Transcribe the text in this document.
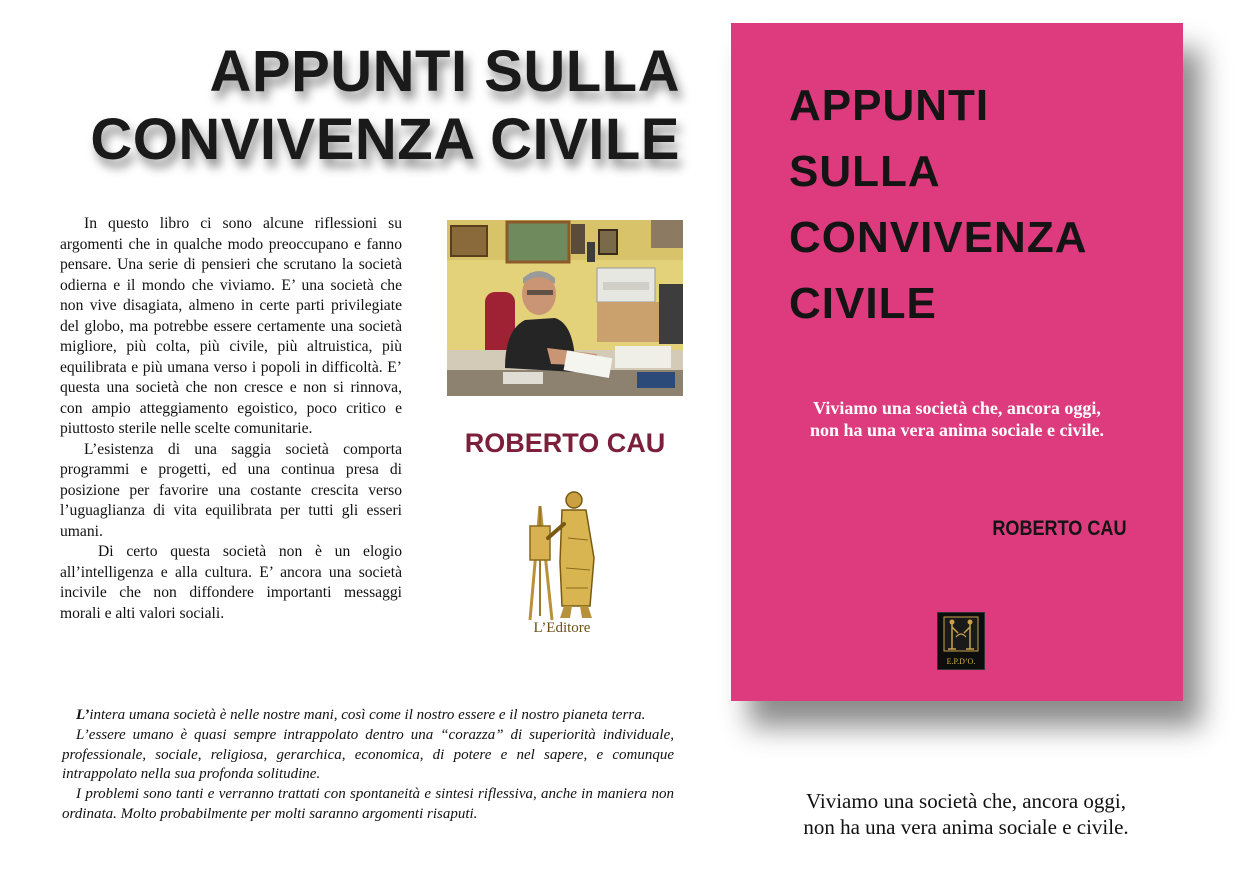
APPUNTI SULLA
CONVIVENZA CIVILE

In questo libro ci sono alcune riflessioni su argomenti che in qualche modo preoccupano e fanno pensare. Una serie di pensieri che scrutano la società odierna e il mondo che viviamo. E’ una società che non vive disagiata, almeno in certe parti privilegiate del globo, ma potrebbe essere certamente una società migliore, più colta, più civile, più altruistica, più equilibrata e più umana verso i popoli in difficoltà. E’ questa una società che non cresce e non si rinnova, con ampio atteggiamento egoistico, poco critico e piuttosto sterile nelle scelte comunitarie.

L’esistenza di una saggia società comporta programmi e progetti, ed una continua presa di posizione per favorire una costante crescita verso l’uguaglianza di vita equilibrata per tutti gli esseri umani.

Di certo questa società non è un elogio all’intelligenza e alla cultura. E’ ancora una società incivile che non diffondere importanti messaggi morali e alti valori sociali.

ROBERTO CAU
L’Editore

L’intera umana società è nelle nostre mani, così come il nostro essere e il nostro pianeta terra.

L’essere umano è quasi sempre intrappolato dentro una “corazza” di superiorità individuale, professionale, sociale, religiosa, gerarchica, economica, di potere e nel sapere, e comunque intrappolato nella sua profonda solitudine.

I problemi sono tanti e verranno trattati con spontaneità e sintesi riflessiva, anche in maniera non ordinata. Molto probabilmente per molti saranno argomenti risaputi.

APPUNTI
SULLA
CONVIVENZA
CIVILE
Viviamo una società che, ancora oggi,
non ha una vera anima sociale e civile.
ROBERTO CAU
E.P.D’O.
Viviamo una società che, ancora oggi,
non ha una vera anima sociale e civile.
